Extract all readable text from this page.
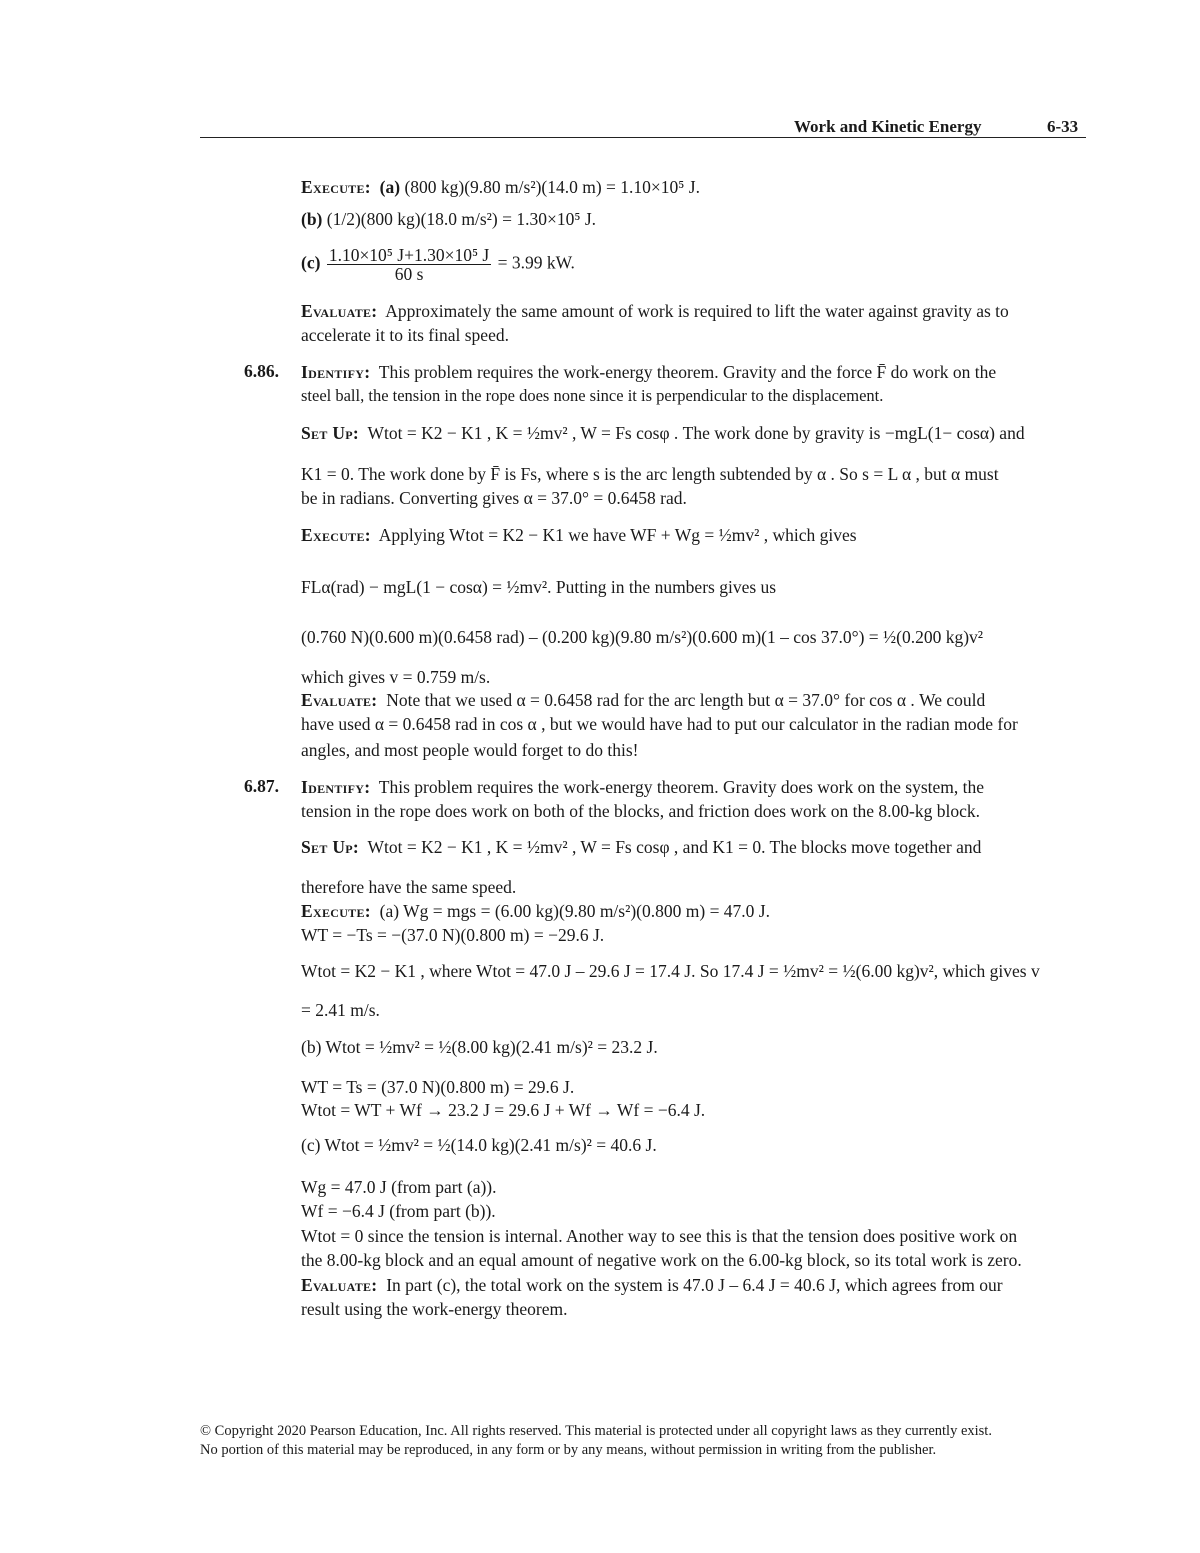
Work and Kinetic Energy	6-33
Execute: (a) (800 kg)(9.80 m/s²)(14.0 m) = 1.10×10⁵ J.
(b) (1/2)(800 kg)(18.0 m/s²) = 1.30×10⁵ J.
$(c) \frac{\text{1.10×10⁵ J+1.30×10⁵ J}}{60 s} = 3.99$ kW.
Evaluate: Approximately the same amount of work is required to lift the water against gravity as to
accelerate it to its final speed.
6.86. Identify: This problem requires the work-energy theorem. Gravity and the force F̄ do work on the
steel ball, the tension in the rope does none since it is perpendicular to the displacement.
Set Up: Wtot = K2 − K1 , K = ½mv² , W = Fs cosφ . The work done by gravity is −mgL(1− cosα) and
K1 = 0. The work done by F̄ is Fs, where s is the arc length subtended by α . So s = L α , but α must
be in radians. Converting gives α = 37.0° = 0.6458 rad.
Execute: Applying Wtot = K2 − K1 we have WF + Wg = ½mv² , which gives
FLα(rad) − mgL(1 − cosα) = ½mv². Putting in the numbers gives us
(0.760 N)(0.600 m)(0.6458 rad) – (0.200 kg)(9.80 m/s²)(0.600 m)(1 – cos 37.0°) = ½(0.200 kg)v²
which gives v = 0.759 m/s.
Evaluate: Note that we used α = 0.6458 rad for the arc length but α = 37.0° for cos α . We could
have used α = 0.6458 rad in cos α , but we would have had to put our calculator in the radian mode for
angles, and most people would forget to do this!
6.87. Identify: This problem requires the work-energy theorem. Gravity does work on the system, the
tension in the rope does work on both of the blocks, and friction does work on the 8.00-kg block.
Set Up: Wtot = K2 − K1 , K = ½mv² , W = Fs cosφ , and K1 = 0. The blocks move together and
therefore have the same speed.
Execute: (a) Wg = mgs = (6.00 kg)(9.80 m/s²)(0.800 m) = 47.0 J.
WT = −Ts = −(37.0 N)(0.800 m) = −29.6 J.
Wtot = K2 − K1 , where Wtot = 47.0 J – 29.6 J = 17.4 J. So 17.4 J = ½mv² = ½(6.00 kg)v², which gives v
= 2.41 m/s.
(b) Wtot = ½mv² = ½(8.00 kg)(2.41 m/s)² = 23.2 J.
WT = Ts = (37.0 N)(0.800 m) = 29.6 J.
Wtot = WT + Wf → 23.2 J = 29.6 J + Wf → Wf = −6.4 J.
(c) Wtot = ½mv² = ½(14.0 kg)(2.41 m/s)² = 40.6 J.
Wg = 47.0 J (from part (a)).
Wf = −6.4 J (from part (b)).
Wtot = 0 since the tension is internal. Another way to see this is that the tension does positive work on
the 8.00-kg block and an equal amount of negative work on the 6.00-kg block, so its total work is zero.
Evaluate: In part (c), the total work on the system is 47.0 J – 6.4 J = 40.6 J, which agrees from our
result using the work-energy theorem.
© Copyright 2020 Pearson Education, Inc. All rights reserved. This material is protected under all copyright laws as they currently exist.
No portion of this material may be reproduced, in any form or by any means, without permission in writing from the publisher.
